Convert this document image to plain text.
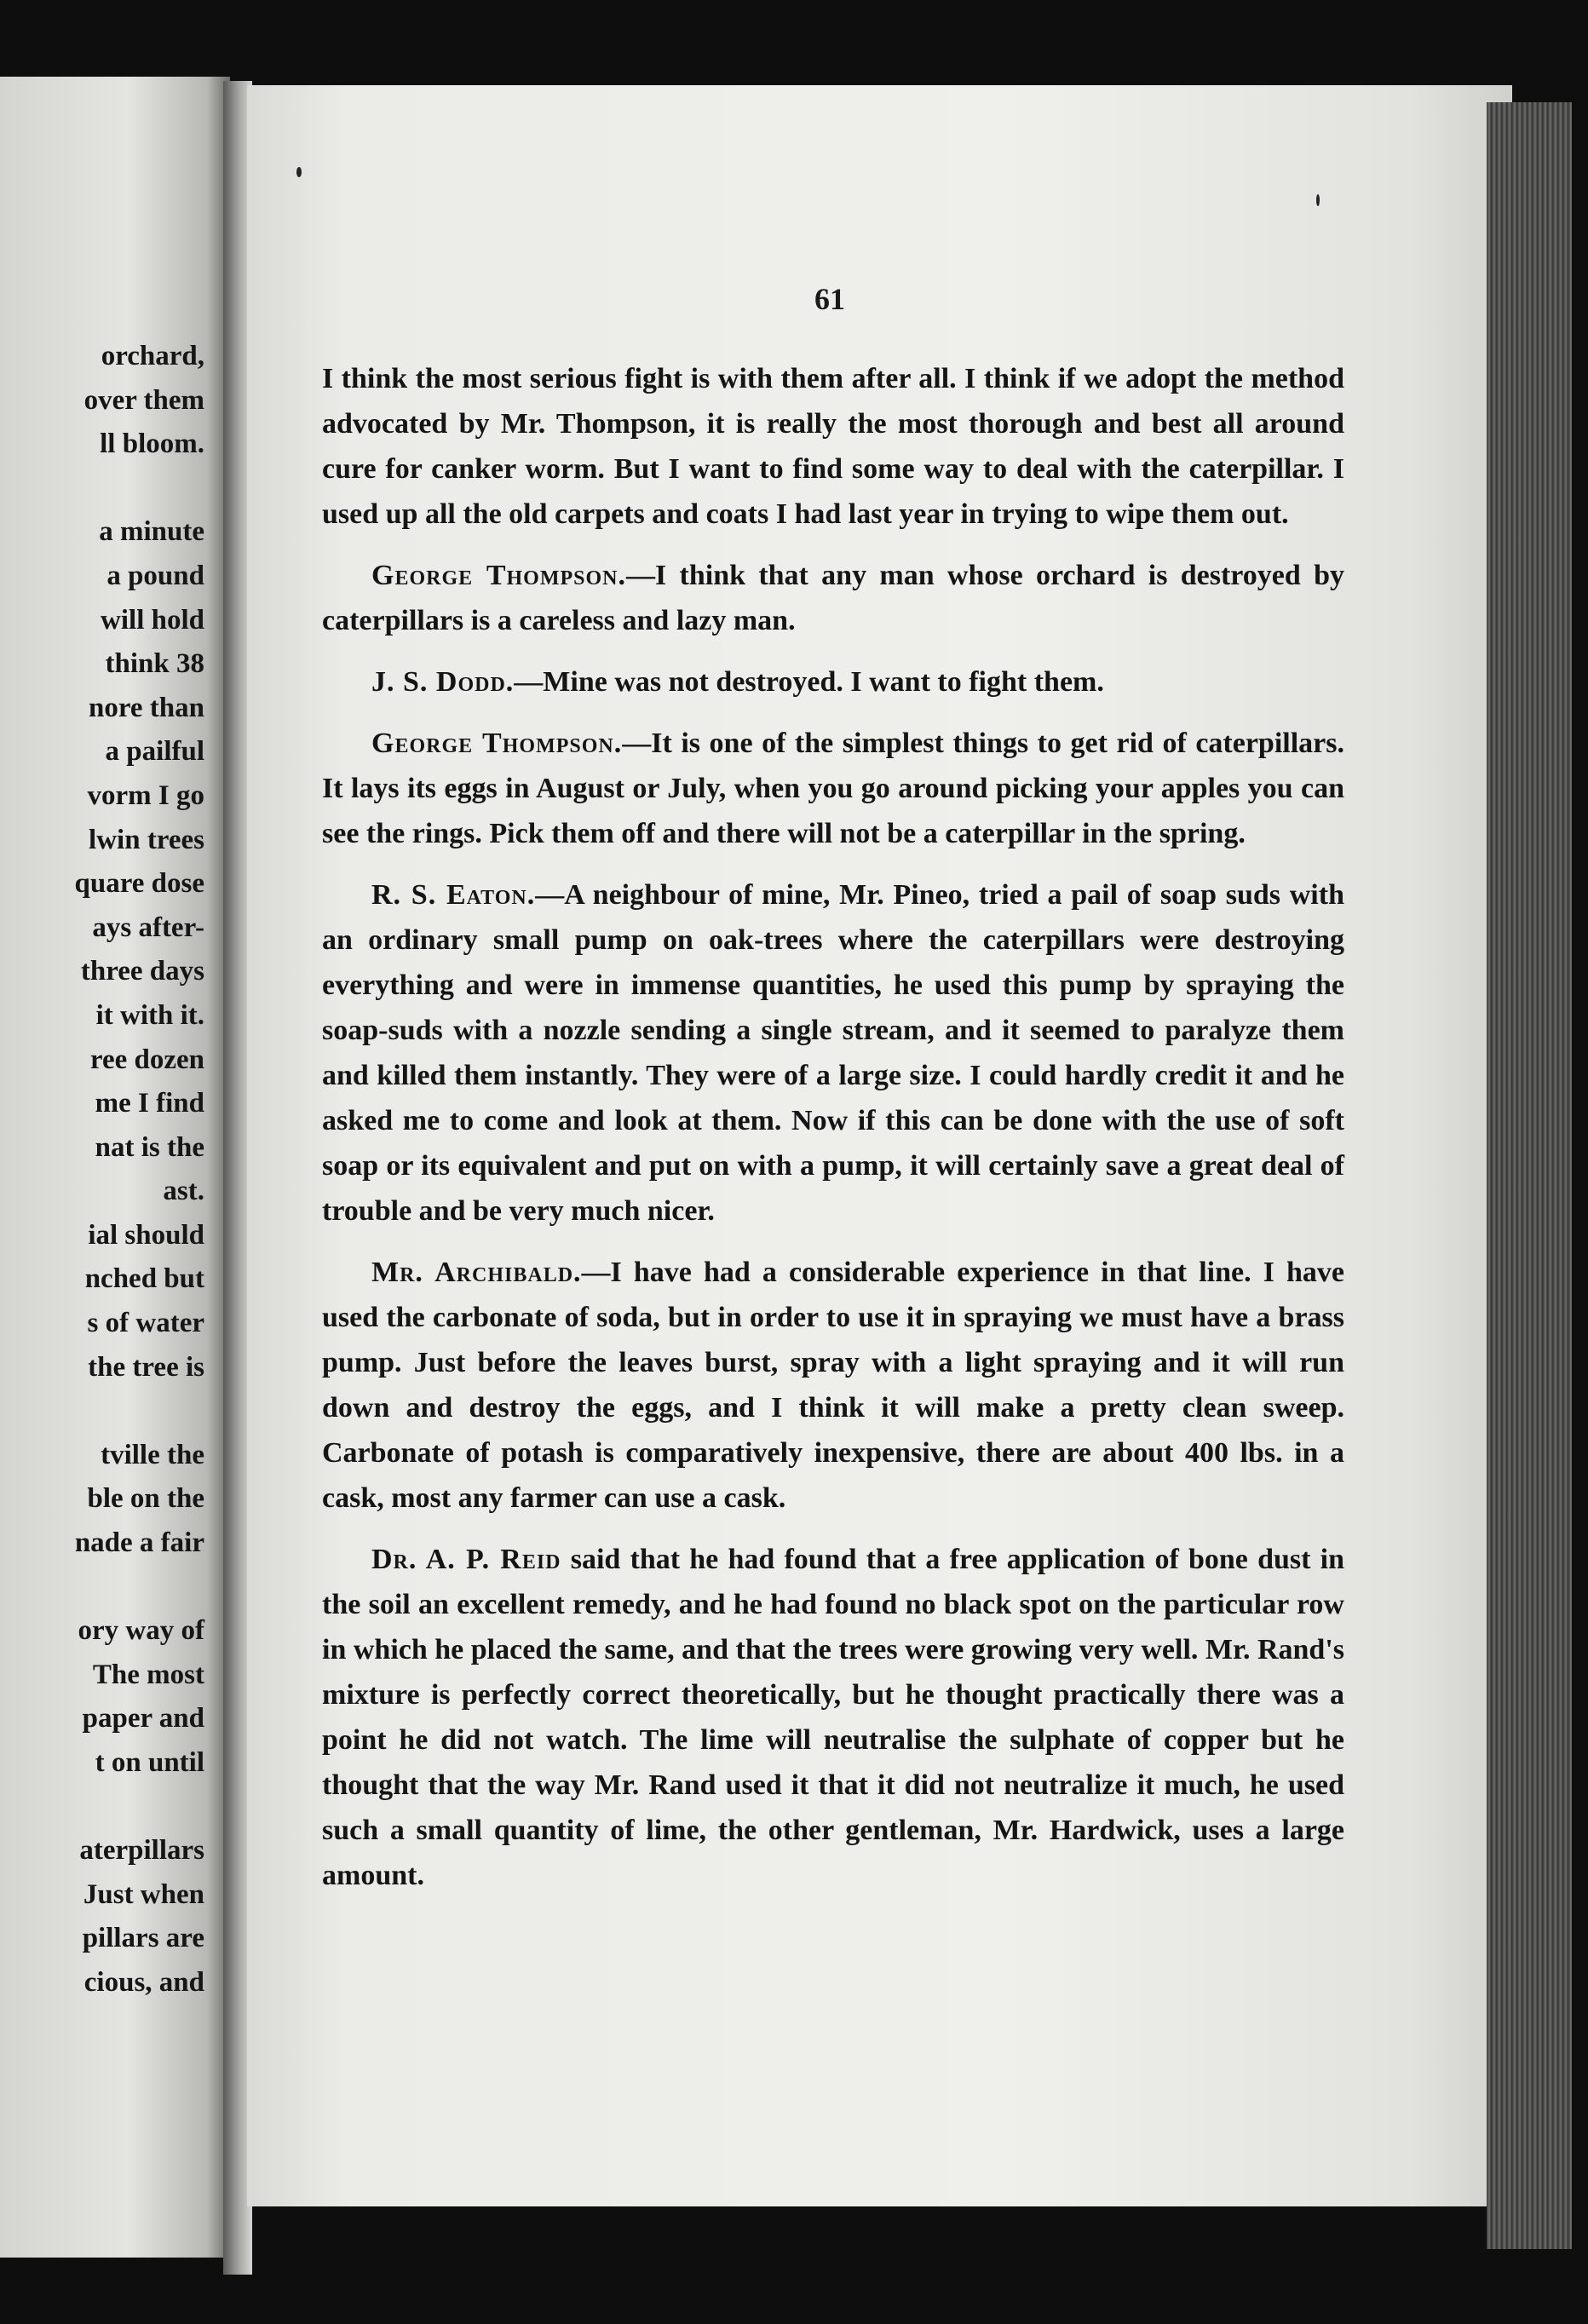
orchard,
over them
ll bloom.
a minute
a pound
will hold
think 38
nore than
a pailful
vorm I go
lwin trees
quare dose
ays after-
three days
it with it.
ree dozen
me I find
nat is the
ast.
ial should
nched but
s of water
the tree is
tville the
ble on the
nade a fair
ory way of
The most
paper and
t on until
aterpillars
Just when
pillars are
cious, and
61

I think the most serious fight is with them after all. I think if we adopt the method advocated by Mr. Thompson, it is really the most thorough and best all around cure for canker worm. But I want to find some way to deal with the caterpillar. I used up all the old carpets and coats I had last year in trying to wipe them out.

George Thompson.—I think that any man whose orchard is destroyed by caterpillars is a careless and lazy man.

J. S. Dodd.—Mine was not destroyed. I want to fight them.

George Thompson.—It is one of the simplest things to get rid of caterpillars. It lays its eggs in August or July, when you go around picking your apples you can see the rings. Pick them off and there will not be a caterpillar in the spring.

R. S. Eaton.—A neighbour of mine, Mr. Pineo, tried a pail of soap suds with an ordinary small pump on oak-trees where the caterpillars were destroying everything and were in immense quantities, he used this pump by spraying the soap-suds with a nozzle sending a single stream, and it seemed to paralyze them and killed them instantly. They were of a large size. I could hardly credit it and he asked me to come and look at them. Now if this can be done with the use of soft soap or its equivalent and put on with a pump, it will certainly save a great deal of trouble and be very much nicer.

Mr. Archibald.—I have had a considerable experience in that line. I have used the carbonate of soda, but in order to use it in spraying we must have a brass pump. Just before the leaves burst, spray with a light spraying and it will run down and destroy the eggs, and I think it will make a pretty clean sweep. Carbonate of potash is comparatively inexpensive, there are about 400 lbs. in a cask, most any farmer can use a cask.

Dr. A. P. Reid said that he had found that a free application of bone dust in the soil an excellent remedy, and he had found no black spot on the particular row in which he placed the same, and that the trees were growing very well. Mr. Rand's mixture is perfectly correct theoretically, but he thought practically there was a point he did not watch. The lime will neutralise the sulphate of copper but he thought that the way Mr. Rand used it that it did not neutralize it much, he used such a small quantity of lime, the other gentleman, Mr. Hardwick, uses a large amount.
